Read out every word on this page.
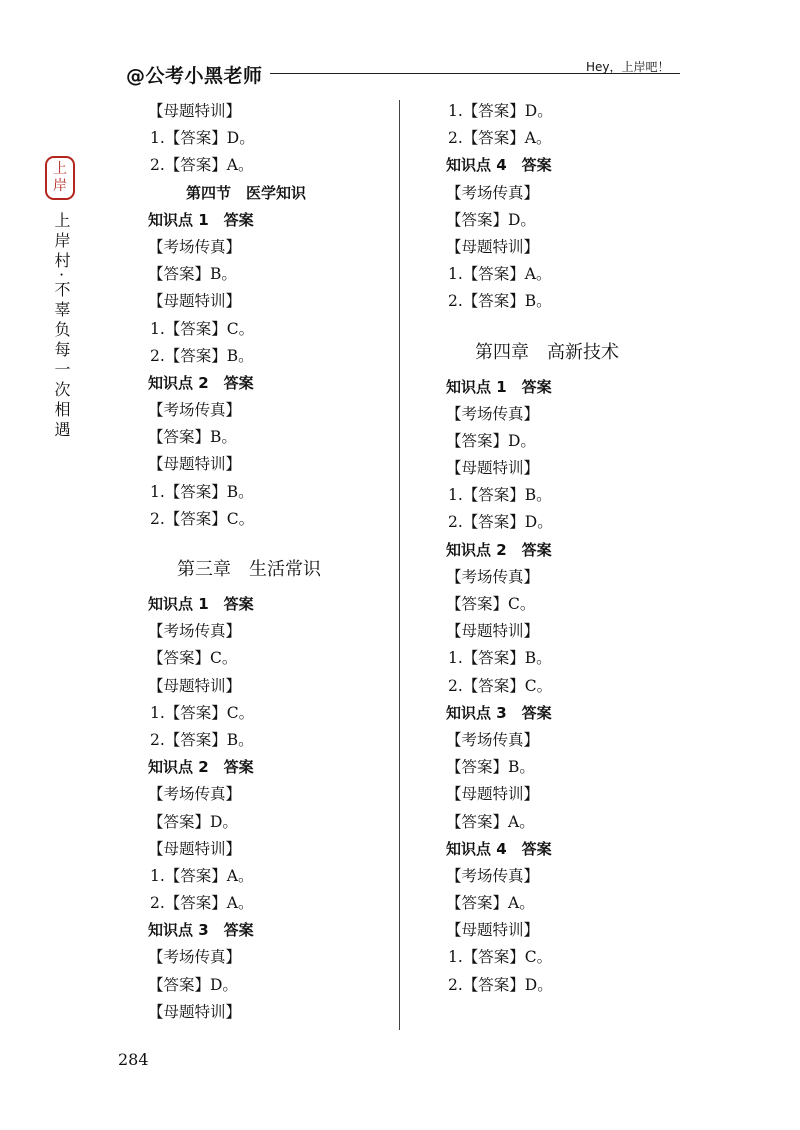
@公考小黑老师	Hey，上岸吧！
上
岸
上岸村·不辜负每一次相遇
【母题特训】
1.【答案】D。
2.【答案】A。
第四节　医学知识
知识点 1　答案
【考场传真】
【答案】B。
【母题特训】
1.【答案】C。
2.【答案】B。
知识点 2　答案
【考场传真】
【答案】B。
【母题特训】
1.【答案】B。
2.【答案】C。
第三章　生活常识
知识点 1　答案
【考场传真】
【答案】C。
【母题特训】
1.【答案】C。
2.【答案】B。
知识点 2　答案
【考场传真】
【答案】D。
【母题特训】
1.【答案】A。
2.【答案】A。
知识点 3　答案
【考场传真】
【答案】D。
【母题特训】
1.【答案】D。
2.【答案】A。
知识点 4　答案
【考场传真】
【答案】D。
【母题特训】
1.【答案】A。
2.【答案】B。
第四章　高新技术
知识点 1　答案
【考场传真】
【答案】D。
【母题特训】
1.【答案】B。
2.【答案】D。
知识点 2　答案
【考场传真】
【答案】C。
【母题特训】
1.【答案】B。
2.【答案】C。
知识点 3　答案
【考场传真】
【答案】B。
【母题特训】
【答案】A。
知识点 4　答案
【考场传真】
【答案】A。
【母题特训】
1.【答案】C。
2.【答案】D。
284
